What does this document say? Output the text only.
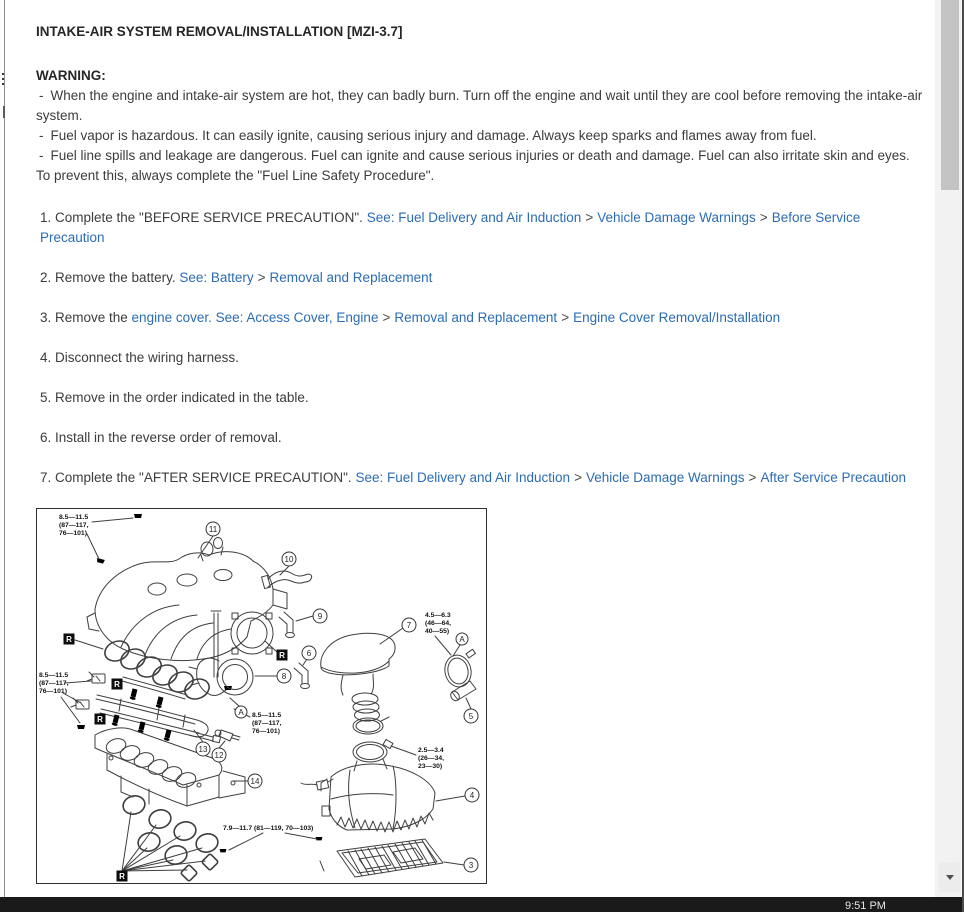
INTAKE-AIR SYSTEM REMOVAL/INSTALLATION [MZI-3.7]

WARNING:

- When the engine and intake-air system are hot, they can badly burn. Turn off the engine and wait until they are cool before removing the intake-air system.

- Fuel vapor is hazardous. It can easily ignite, causing serious injury and damage. Always keep sparks and flames away from fuel.

- Fuel line spills and leakage are dangerous. Fuel can ignite and cause serious injuries or death and damage. Fuel can also irritate skin and eyes. To prevent this, always complete the "Fuel Line Safety Procedure".

1. Complete the "BEFORE SERVICE PRECAUTION". See: Fuel Delivery and Air Induction > Vehicle Damage Warnings > Before Service Precaution

2. Remove the battery. See: Battery > Removal and Replacement

3. Remove the engine cover. See: Access Cover, Engine > Removal and Replacement > Engine Cover Removal/Installation

4. Disconnect the wiring harness.

5. Remove in the order indicated in the table.

6. Install in the reverse order of removal.

7. Complete the "AFTER SERVICE PRECAUTION". See: Fuel Delivery and Air Induction > Vehicle Damage Warnings > After Service Precaution

R
R
R
R
R
11
10
9
7
6
8
5
13
12
14
4
3
A
A
8.5—11.5
(87—117,
76—101)
8.5—11.5
(87—117,
76—101)
8.5—11.5
(87—117,
76—101)
4.5—6.3
(46—64,
40—55)
2.5—3.4
(26—34,
23—30)
7.9—11.7 (81—119, 70—103)
9:51 PM
